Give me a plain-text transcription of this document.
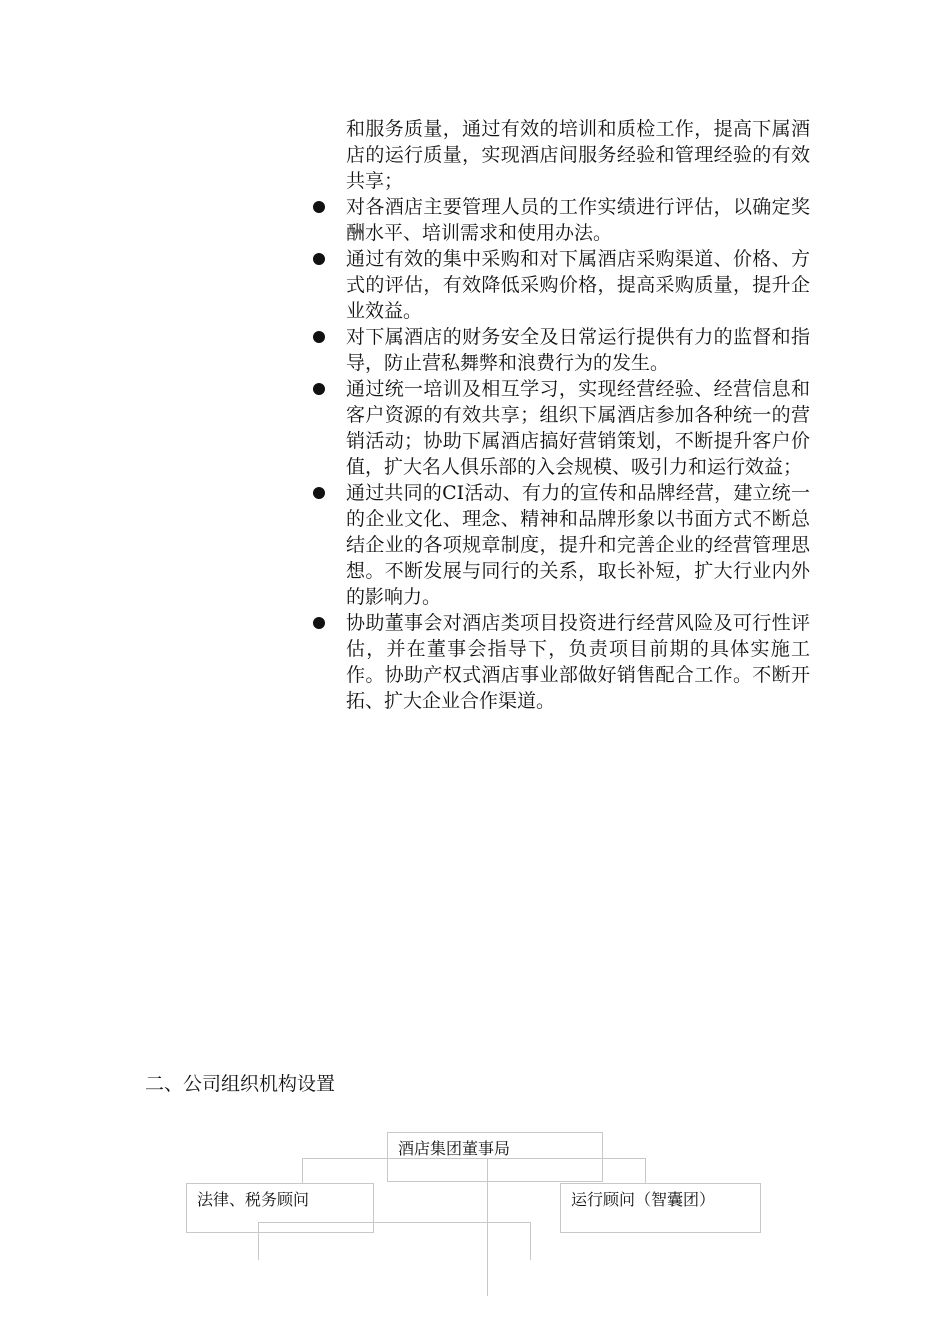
和服务质量，通过有效的培训和质检工作，提高下属酒店的运行质量，实现酒店间服务经验和管理经验的有效共享；
对各酒店主要管理人员的工作实绩进行评估，以确定奖酬水平、培训需求和使用办法。
通过有效的集中采购和对下属酒店采购渠道、价格、方式的评估，有效降低采购价格，提高采购质量，提升企业效益。
对下属酒店的财务安全及日常运行提供有力的监督和指导，防止营私舞弊和浪费行为的发生。
通过统一培训及相互学习，实现经营经验、经营信息和客户资源的有效共享；组织下属酒店参加各种统一的营销活动；协助下属酒店搞好营销策划，不断提升客户价值，扩大名人俱乐部的入会规模、吸引力和运行效益；
通过共同的CI活动、有力的宣传和品牌经营，建立统一的企业文化、理念、精神和品牌形象以书面方式不断总结企业的各项规章制度，提升和完善企业的经营管理思想。不断发展与同行的关系，取长补短，扩大行业内外的影响力。
协助董事会对酒店类项目投资进行经营风险及可行性评估，并在董事会指导下，负责项目前期的具体实施工作。协助产权式酒店事业部做好销售配合工作。不断开拓、扩大企业合作渠道。
二、公司组织机构设置
酒店集团董事局
法律、税务顾问	运行顾问（智囊团）
